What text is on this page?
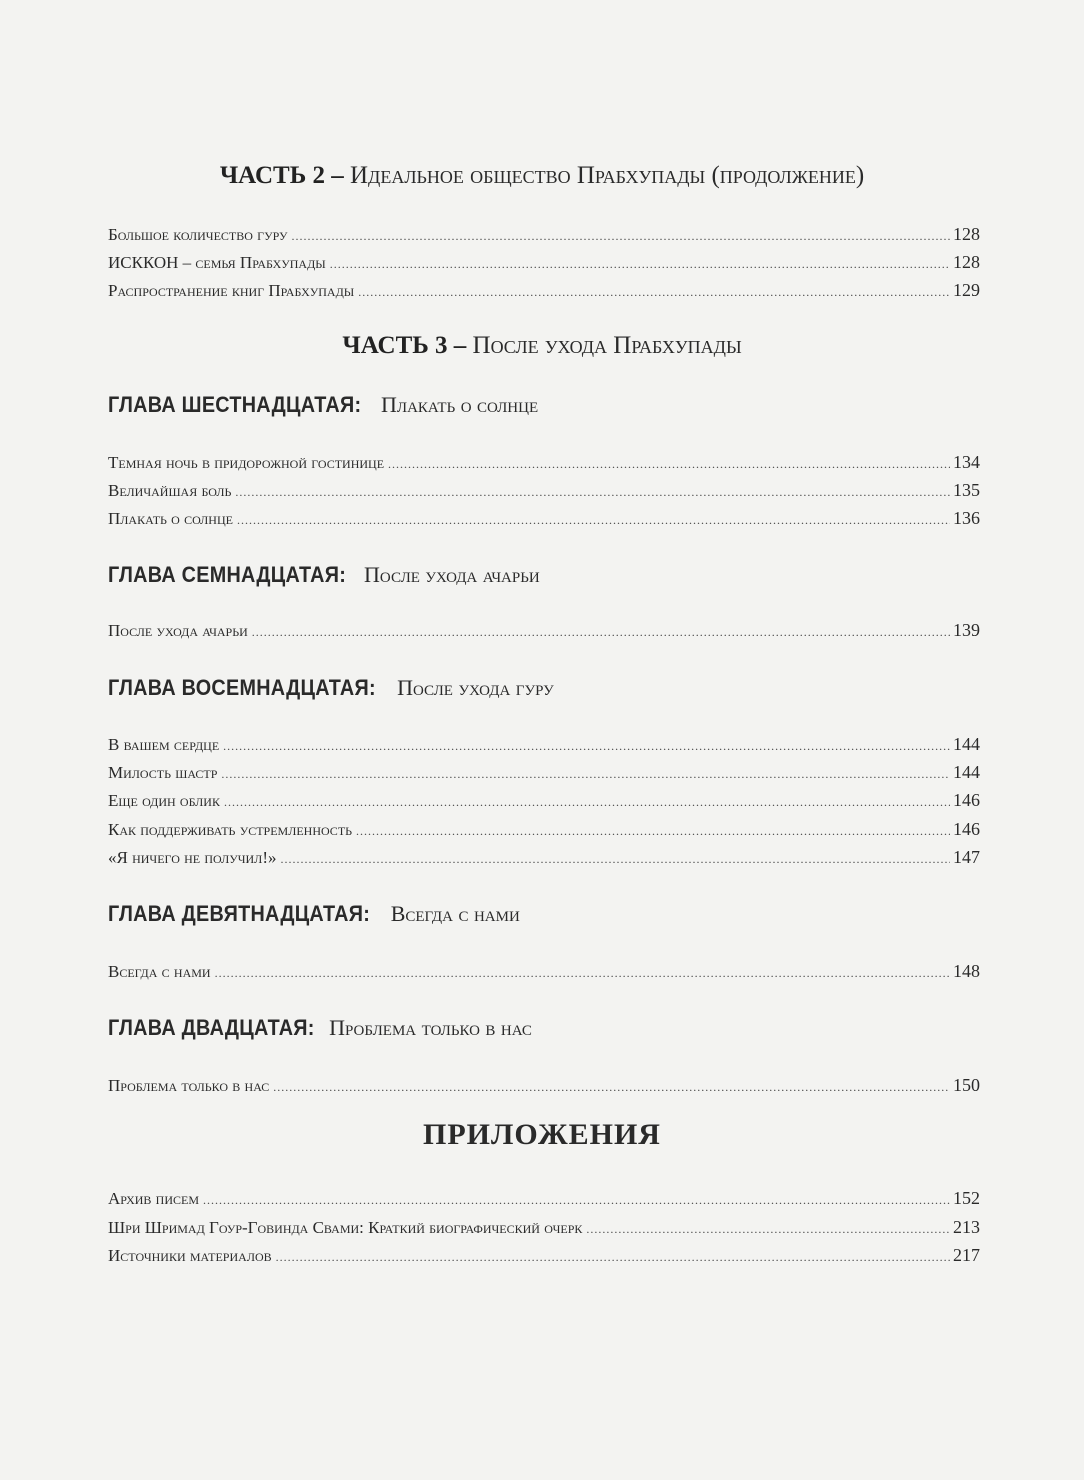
ЧАСТЬ 2 – Идеальное общество Прабхупады (продолжение)
Большое количество гуру .....	128
ИСККОН – семья Прабхупады .....	128
Распространение книг Прабхупады .....	129
ЧАСТЬ 3 – После ухода Прабхупады
ГЛАВА ШЕСТНАДЦАТАЯ: Плакать о солнце
Темная ночь в придорожной гостинице .....	134
Величайшая боль .....	135
Плакать о солнце .....	136
ГЛАВА СЕМНАДЦАТАЯ: После ухода ачарьи
После ухода ачарьи .....	139
ГЛАВА ВОСЕМНАДЦАТАЯ: После ухода гуру
В вашем сердце .....	144
Милость шастр .....	144
Еще один облик .....	146
Как поддерживать устремленность .....	146
«Я ничего не получил!» .....	147
ГЛАВА ДЕВЯТНАДЦАТАЯ: Всегда с нами
Всегда с нами .....	148
ГЛАВА ДВАДЦАТАЯ: Проблема только в нас
Проблема только в нас .....	150
ПРИЛОЖЕНИЯ
Архив писем .....	152
Шри Шримад Гоур-Говинда Свами: Краткий биографический очерк .....	213
Источники материалов .....	217
